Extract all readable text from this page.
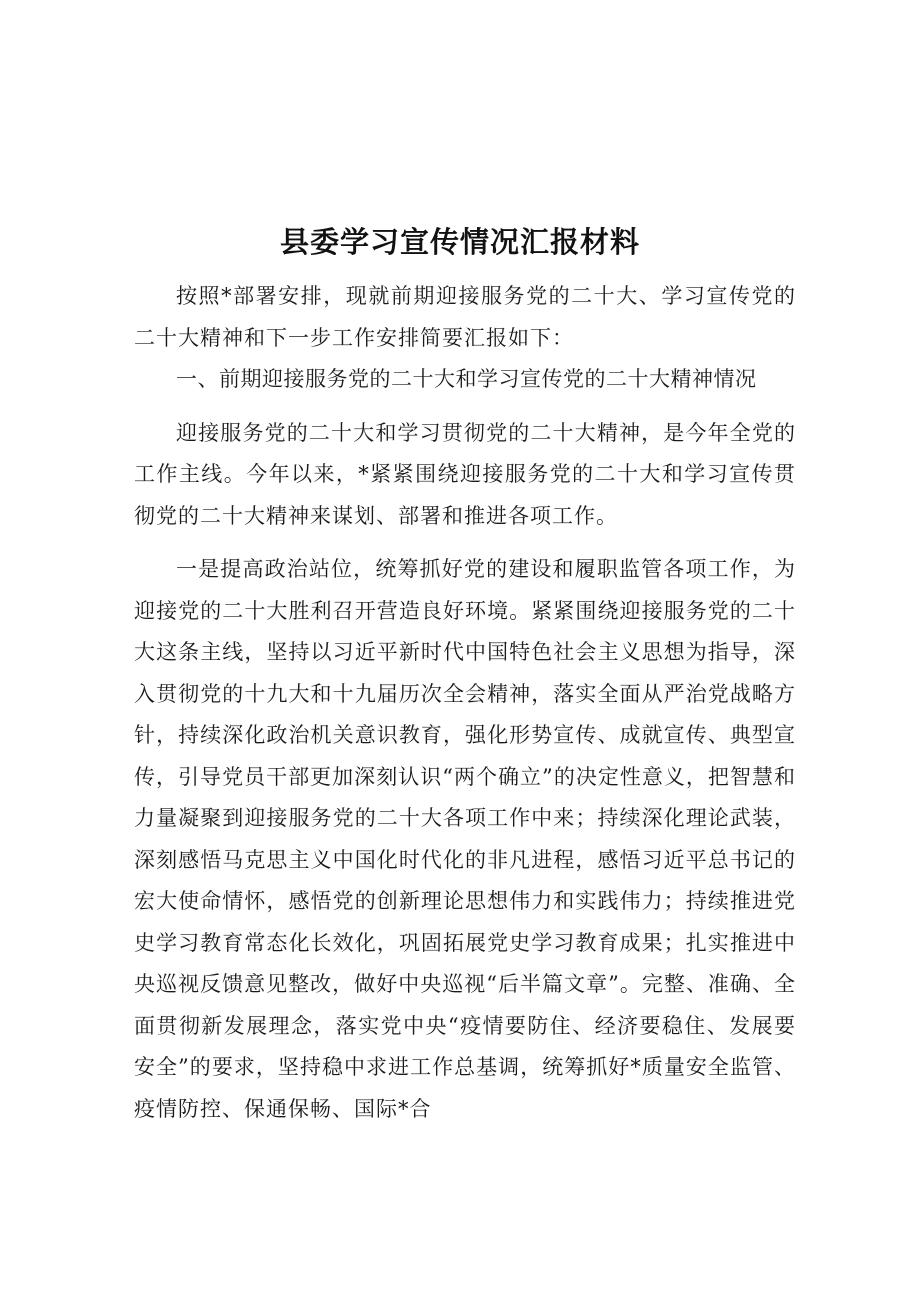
县委学习宣传情况汇报材料

按照*部署安排，现就前期迎接服务党的二十大、学习宣传党的二十大精神和下一步工作安排简要汇报如下：

一、前期迎接服务党的二十大和学习宣传党的二十大精神情况

迎接服务党的二十大和学习贯彻党的二十大精神，是今年全党的工作主线。今年以来，*紧紧围绕迎接服务党的二十大和学习宣传贯彻党的二十大精神来谋划、部署和推进各项工作。

一是提高政治站位，统筹抓好党的建设和履职监管各项工作，为迎接党的二十大胜利召开营造良好环境。紧紧围绕迎接服务党的二十大这条主线，坚持以习近平新时代中国特色社会主义思想为指导，深入贯彻党的十九大和十九届历次全会精神，落实全面从严治党战略方针，持续深化政治机关意识教育，强化形势宣传、成就宣传、典型宣传，引导党员干部更加深刻认识“两个确立”的决定性意义，把智慧和力量凝聚到迎接服务党的二十大各项工作中来；持续深化理论武装，深刻感悟马克思主义中国化时代化的非凡进程，感悟习近平总书记的宏大使命情怀，感悟党的创新理论思想伟力和实践伟力；持续推进党史学习教育常态化长效化，巩固拓展党史学习教育成果；扎实推进中央巡视反馈意见整改，做好中央巡视“后半篇文章”。完整、准确、全面贯彻新发展理念，落实党中央“疫情要防住、经济要稳住、发展要安全”的要求，坚持稳中求进工作总基调，统筹抓好*质量安全监管、疫情防控、保通保畅、国际*合
